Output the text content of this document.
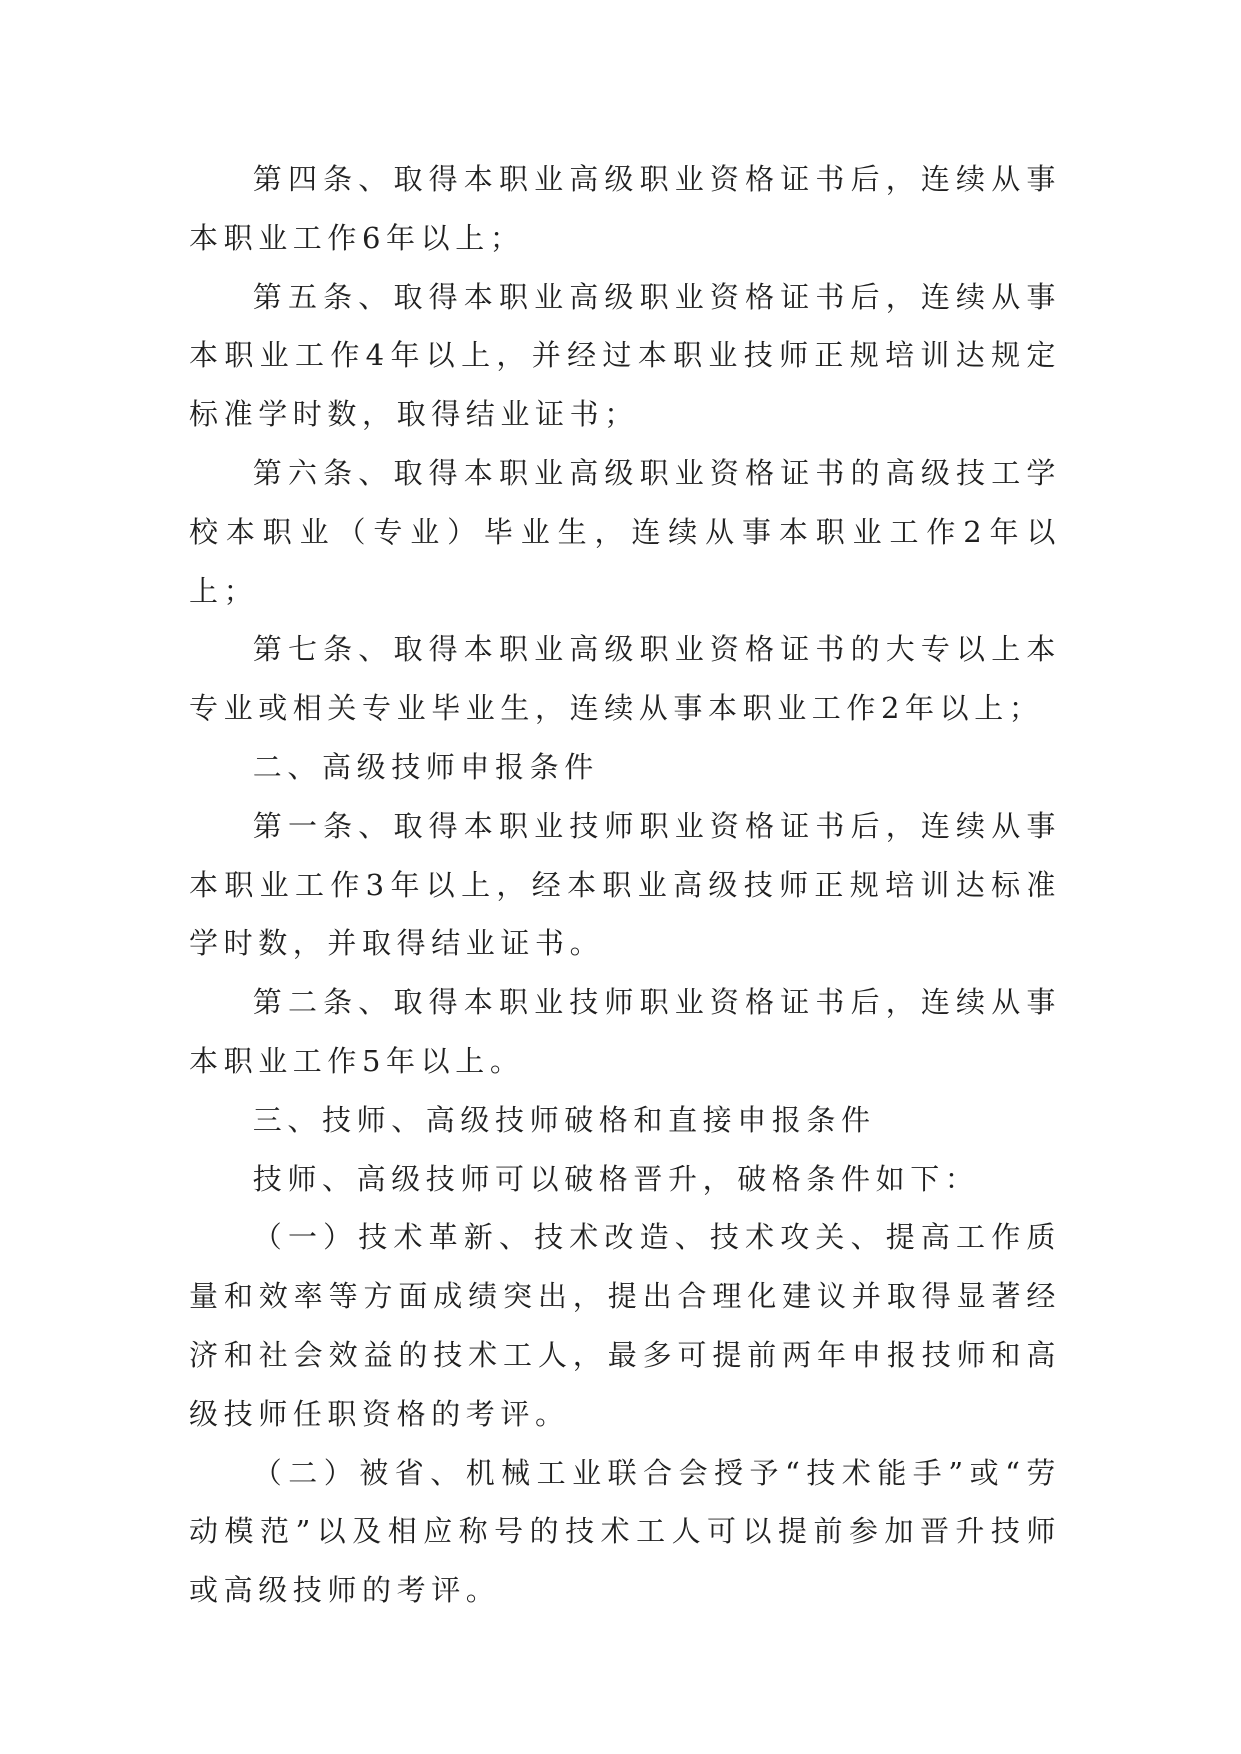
第四条、取得本职业高级职业资格证书后，连续从事本职业工作6年以上；

第五条、取得本职业高级职业资格证书后，连续从事本职业工作4年以上，并经过本职业技师正规培训达规定标准学时数，取得结业证书；

第六条、取得本职业高级职业资格证书的高级技工学校本职业（专业）毕业生，连续从事本职业工作2年以上；

第七条、取得本职业高级职业资格证书的大专以上本专业或相关专业毕业生，连续从事本职业工作2年以上；

二、高级技师申报条件

第一条、取得本职业技师职业资格证书后，连续从事本职业工作3年以上，经本职业高级技师正规培训达标准学时数，并取得结业证书。

第二条、取得本职业技师职业资格证书后，连续从事本职业工作5年以上。

三、技师、高级技师破格和直接申报条件

技师、高级技师可以破格晋升，破格条件如下：

（一）技术革新、技术改造、技术攻关、提高工作质量和效率等方面成绩突出，提出合理化建议并取得显著经济和社会效益的技术工人，最多可提前两年申报技师和高级技师任职资格的考评。

（二）被省、机械工业联合会授予“技术能手”或“劳动模范”以及相应称号的技术工人可以提前参加晋升技师或高级技师的考评。
